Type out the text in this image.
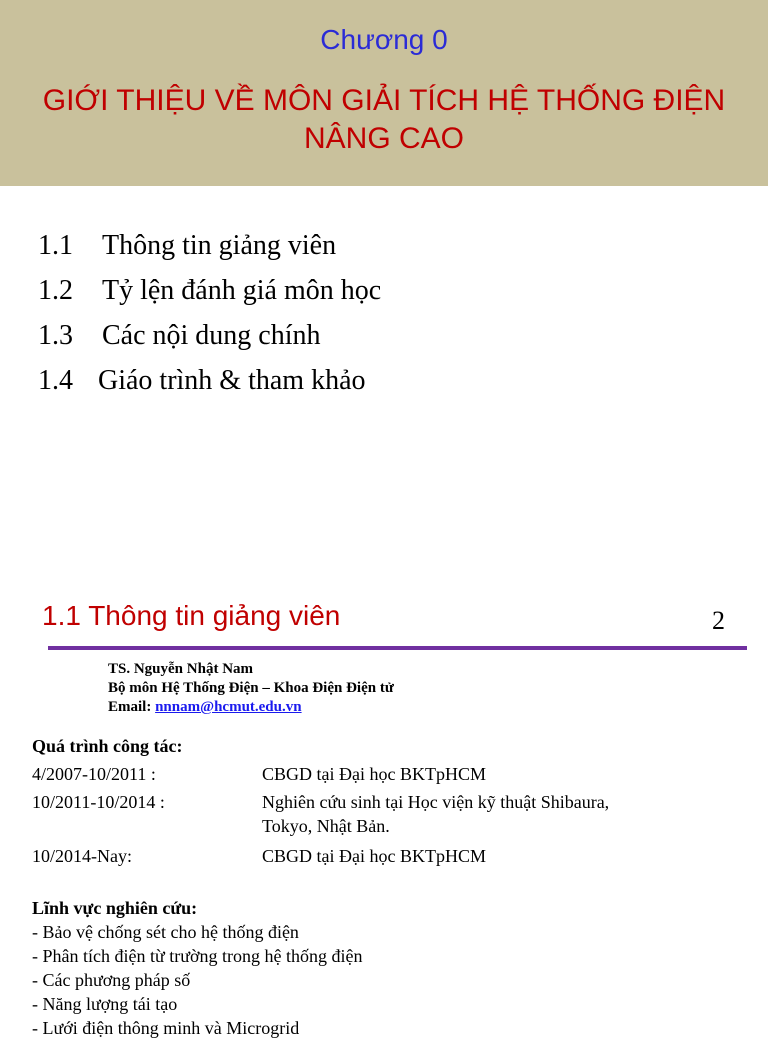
Chương 0
GIỚI THIỆU VỀ MÔN GIẢI TÍCH HỆ THỐNG ĐIỆN
NÂNG CAO
1.1 Thông tin giảng viên
1.2 Tỷ lện đánh giá môn học
1.3 Các nội dung chính
1.4 Giáo trình & tham khảo
1.1 Thông tin giảng viên	2
TS. Nguyễn Nhật Nam
Bộ môn Hệ Thống Điện – Khoa Điện Điện tử
Email: nnnam@hcmut.edu.vn
Quá trình công tác:
4/2007-10/2011 :	CBGD tại Đại học BKTpHCM
10/2011-10/2014 :	Nghiên cứu sinh tại Học viện kỹ thuật Shibaura, Tokyo, Nhật Bản.
10/2014-Nay:	CBGD tại Đại học BKTpHCM
Lĩnh vực nghiên cứu:
- Bảo vệ chống sét cho hệ thống điện
- Phân tích điện từ trường trong hệ thống điện
- Các phương pháp số
- Năng lượng tái tạo
- Lưới điện thông minh và Microgrid
